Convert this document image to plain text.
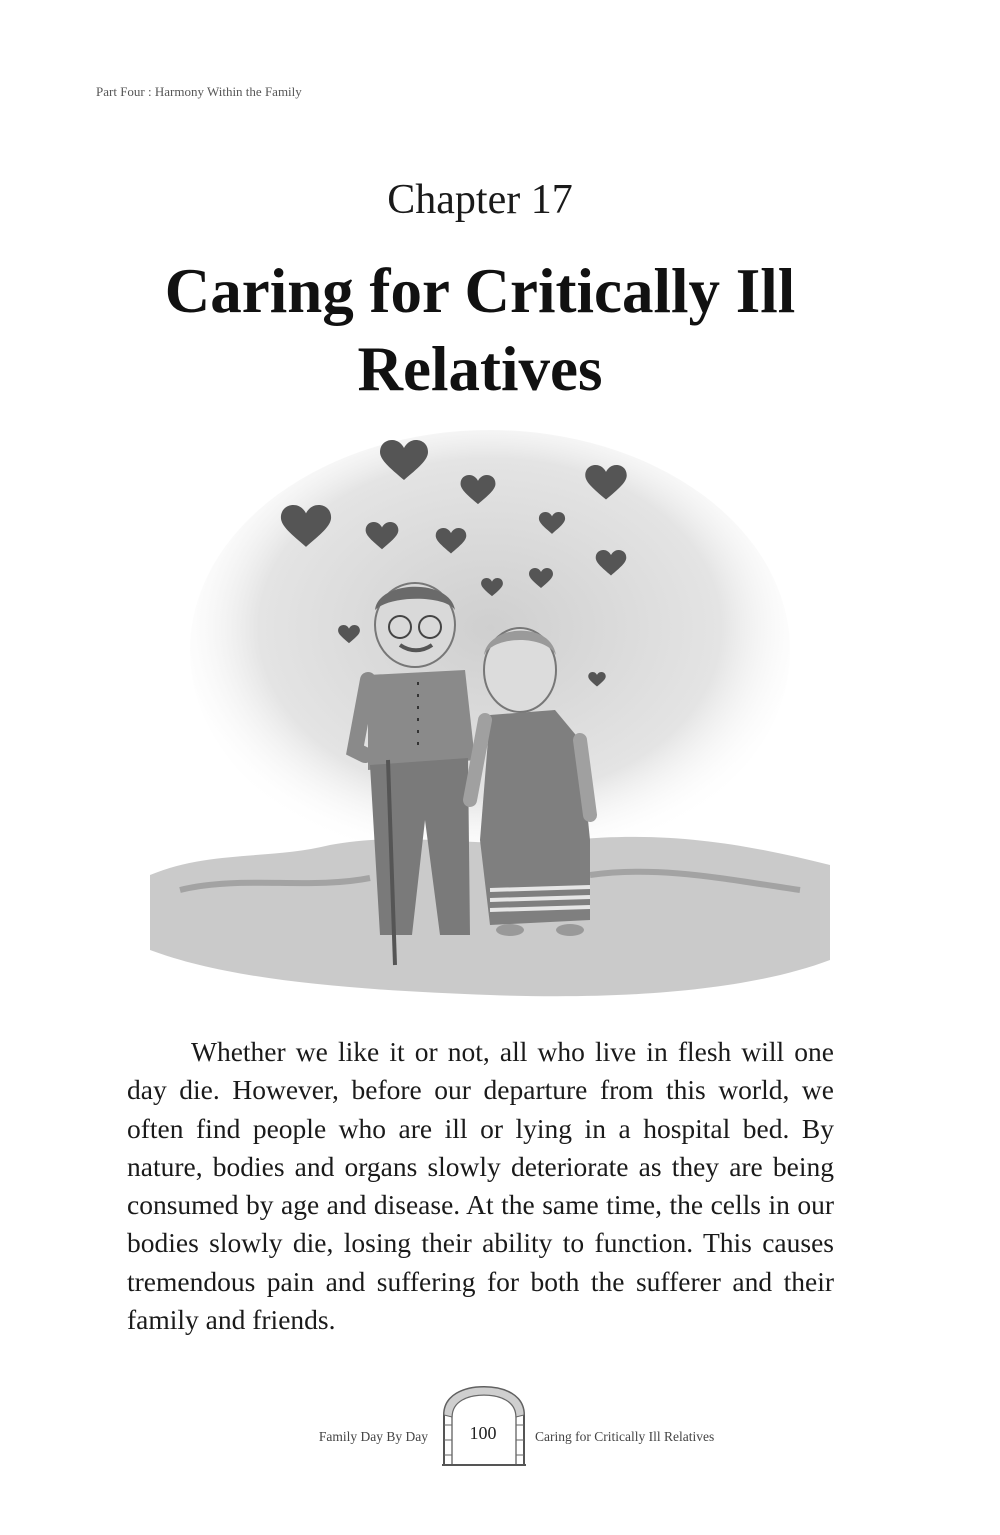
Part Four : Harmony Within the Family
Chapter 17
Caring for Critically Ill Relatives

Whether we like it or not, all who live in flesh will one day die. However, before our departure from this world, we often find people who are ill or lying in a hospital bed. By nature, bodies and organs slowly deteriorate as they are being consumed by age and disease. At the same time, the cells in our bodies slowly die, losing their ability to function. This causes tremendous pain and suffering for both the sufferer and their family and friends.

Family Day By Day	100	Caring for Critically Ill Relatives
